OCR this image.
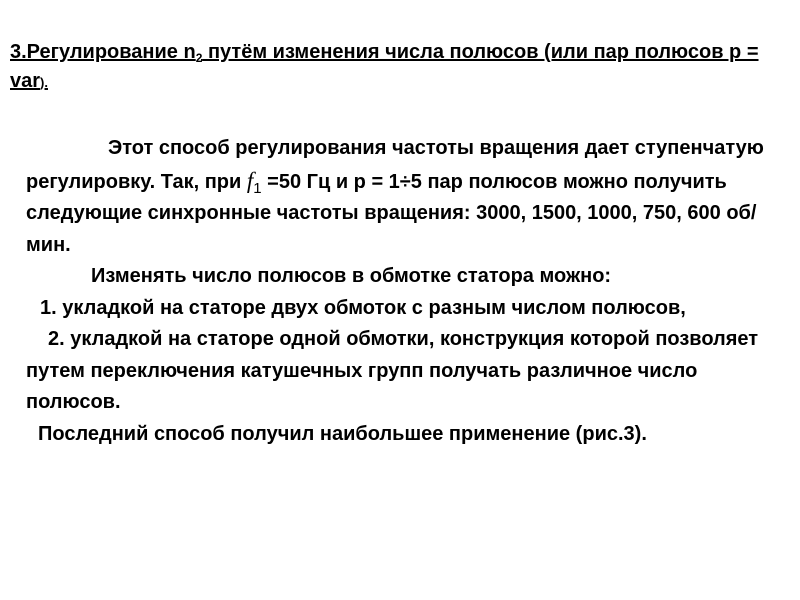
3.Регулирование $n_2$ путём изменения числа полюсов (или пар полюсов p = var).

Этот способ регулирования частоты вращения дает ступенчатую регулировку. Так, при $f_1 =50$ Гц и р = 1÷5 пар полюсов можно получить следующие синхронные частоты вращения: 3000, 1500, 1000, 750, 600 об/мин.

Изменять число полюсов в обмотке статора можно:

1. укладкой на статоре двух обмоток с разным числом полюсов,

2. укладкой на статоре одной обмотки, конструкция которой позволяет путем переключения катушечных групп получать различное число полюсов.

Последний способ получил наибольшее применение (рис.3).
